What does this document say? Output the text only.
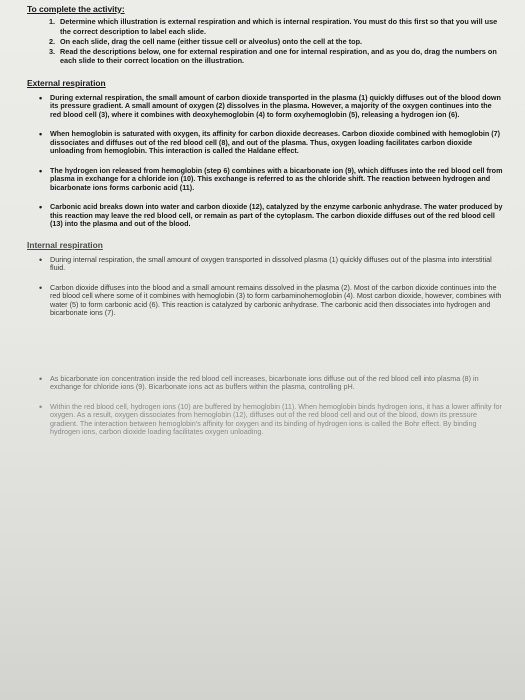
To complete the activity:
1. Determine which illustration is external respiration and which is internal respiration. You must do this first so that you will use the correct description to label each slide.
2. On each slide, drag the cell name (either tissue cell or alveolus) onto the cell at the top.
3. Read the descriptions below, one for external respiration and one for internal respiration, and as you do, drag the numbers on each slide to their correct location on the illustration.
External respiration
•	During external respiration, the small amount of carbon dioxide transported in the plasma (1) quickly diffuses out of the blood down its pressure gradient. A small amount of oxygen (2) dissolves in the plasma. However, a majority of the oxygen continues into the red blood cell (3), where it combines with deoxyhemoglobin (4) to form oxyhemoglobin (5), releasing a hydrogen ion (6).
•	When hemoglobin is saturated with oxygen, its affinity for carbon dioxide decreases. Carbon dioxide combined with hemoglobin (7) dissociates and diffuses out of the red blood cell (8), and out of the plasma. Thus, oxygen loading facilitates carbon dioxide unloading from hemoglobin. This interaction is called the Haldane effect.
•	The hydrogen ion released from hemoglobin (step 6) combines with a bicarbonate ion (9), which diffuses into the red blood cell from plasma in exchange for a chloride ion (10). This exchange is referred to as the chloride shift. The reaction between hydrogen and bicarbonate ions forms carbonic acid (11).
•	Carbonic acid breaks down into water and carbon dioxide (12), catalyzed by the enzyme carbonic anhydrase. The water produced by this reaction may leave the red blood cell, or remain as part of the cytoplasm. The carbon dioxide diffuses out of the red blood cell (13) into the plasma and out of the blood.
Internal respiration
•	During internal respiration, the small amount of oxygen transported in dissolved plasma (1) quickly diffuses out of the plasma into interstitial fluid.
•	Carbon dioxide diffuses into the blood and a small amount remains dissolved in the plasma (2). Most of the carbon dioxide continues into the red blood cell where some of it combines with hemoglobin (3) to form carbaminohemoglobin (4). Most carbon dioxide, however, combines with water (5) to form carbonic acid (6). This reaction is catalyzed by carbonic anhydrase. The carbonic acid then dissociates into hydrogen and bicarbonate ions (7).
•	As bicarbonate ion concentration inside the red blood cell increases, bicarbonate ions diffuse out of the red blood cell into plasma (8) in exchange for chloride ions (9). Bicarbonate ions act as buffers within the plasma, controlling pH.
•	Within the red blood cell, hydrogen ions (10) are buffered by hemoglobin (11). When hemoglobin binds hydrogen ions, it has a lower affinity for oxygen. As a result, oxygen dissociates from hemoglobin (12), diffuses out of the red blood cell and out of the blood, down its pressure gradient. The interaction between hemoglobin's affinity for oxygen and its binding of hydrogen ions is called the Bohr effect. By binding hydrogen ions, carbon dioxide loading facilitates oxygen unloading.
